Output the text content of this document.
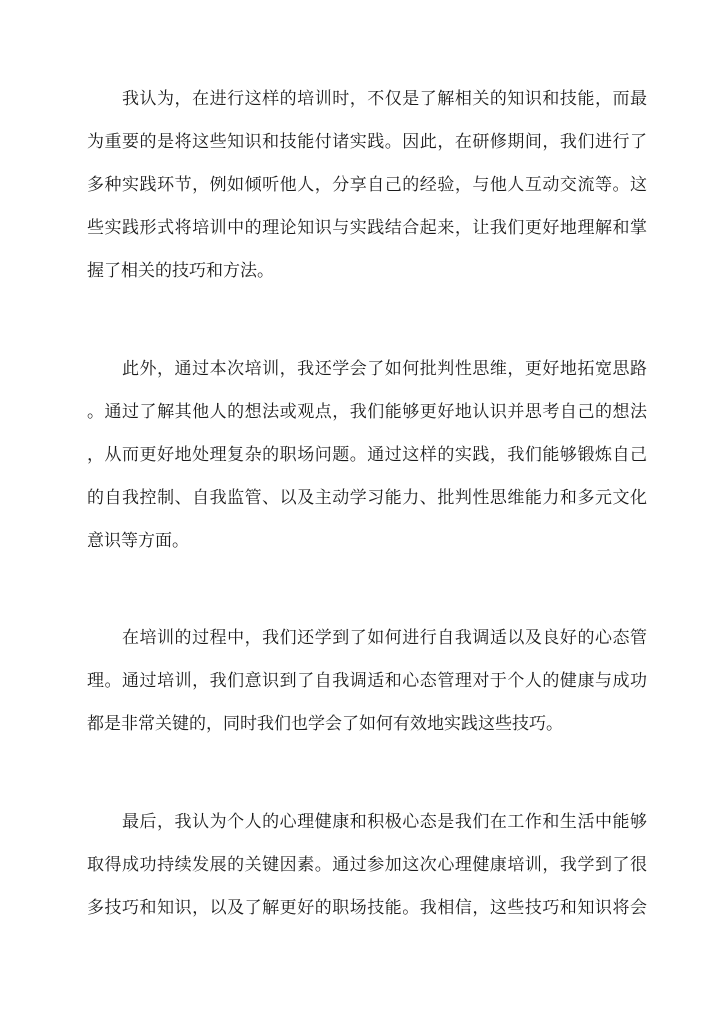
我认为，在进行这样的培训时，不仅是了解相关的知识和技能，而最

为重要的是将这些知识和技能付诸实践。因此，在研修期间，我们进行了

多种实践环节，例如倾听他人，分享自己的经验，与他人互动交流等。这

些实践形式将培训中的理论知识与实践结合起来，让我们更好地理解和掌

握了相关的技巧和方法。

此外，通过本次培训，我还学会了如何批判性思维，更好地拓宽思路

。通过了解其他人的想法或观点，我们能够更好地认识并思考自己的想法

，从而更好地处理复杂的职场问题。通过这样的实践，我们能够锻炼自己

的自我控制、自我监管、以及主动学习能力、批判性思维能力和多元文化

意识等方面。

在培训的过程中，我们还学到了如何进行自我调适以及良好的心态管

理。通过培训，我们意识到了自我调适和心态管理对于个人的健康与成功

都是非常关键的，同时我们也学会了如何有效地实践这些技巧。

最后，我认为个人的心理健康和积极心态是我们在工作和生活中能够

取得成功持续发展的关键因素。通过参加这次心理健康培训，我学到了很

多技巧和知识，以及了解更好的职场技能。我相信，这些技巧和知识将会
